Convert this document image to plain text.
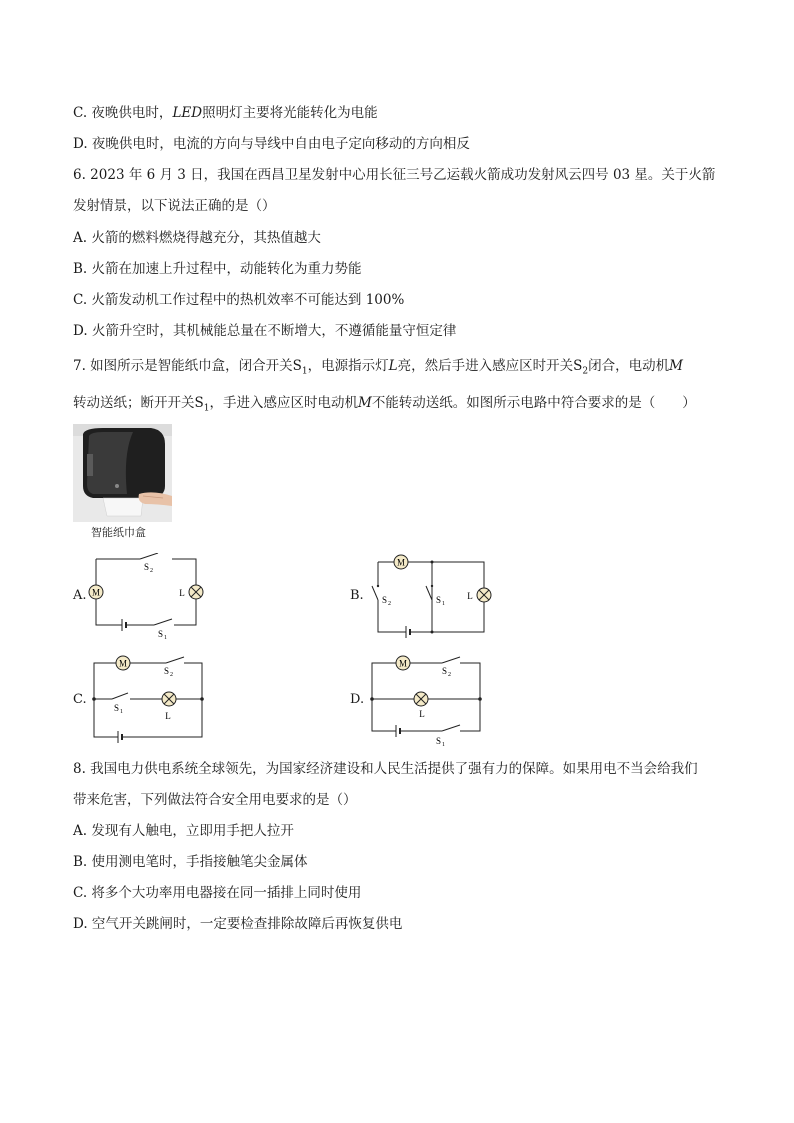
C. 夜晚供电时，LED照明灯主要将光能转化为电能
D. 夜晚供电时，电流的方向与导线中自由电子定向移动的方向相反
6. 2023 年 6 月 3 日，我国在西昌卫星发射中心用长征三号乙运载火箭成功发射风云四号 03 星。关于火箭
发射情景，以下说法正确的是（）
A. 火箭的燃料燃烧得越充分，其热值越大
B. 火箭在加速上升过程中，动能转化为重力势能
C. 火箭发动机工作过程中的热机效率不可能达到 100%
D. 火箭升空时，其机械能总量在不断增大，不遵循能量守恒定律
7. 如图所示是智能纸巾盒，闭合开关$S_1$，电源指示灯L亮，然后手进入感应区时开关$S_2$闭合，电动机M
转动送纸；断开开关$S_1$，手进入感应区时电动机M不能转动送纸。如图所示电路中符合要求的是（　　）
智能纸巾盒
A. M	L
S 2
S 1
B.
M
L
S 2	S 1
C.
M
L
S 2
S 1
D.
M
L
S 2
S 1
8. 我国电力供电系统全球领先，为国家经济建设和人民生活提供了强有力的保障。如果用电不当会给我们
带来危害，下列做法符合安全用电要求的是（）
A. 发现有人触电，立即用手把人拉开
B. 使用测电笔时，手指接触笔尖金属体
C. 将多个大功率用电器接在同一插排上同时使用
D. 空气开关跳闸时，一定要检查排除故障后再恢复供电
